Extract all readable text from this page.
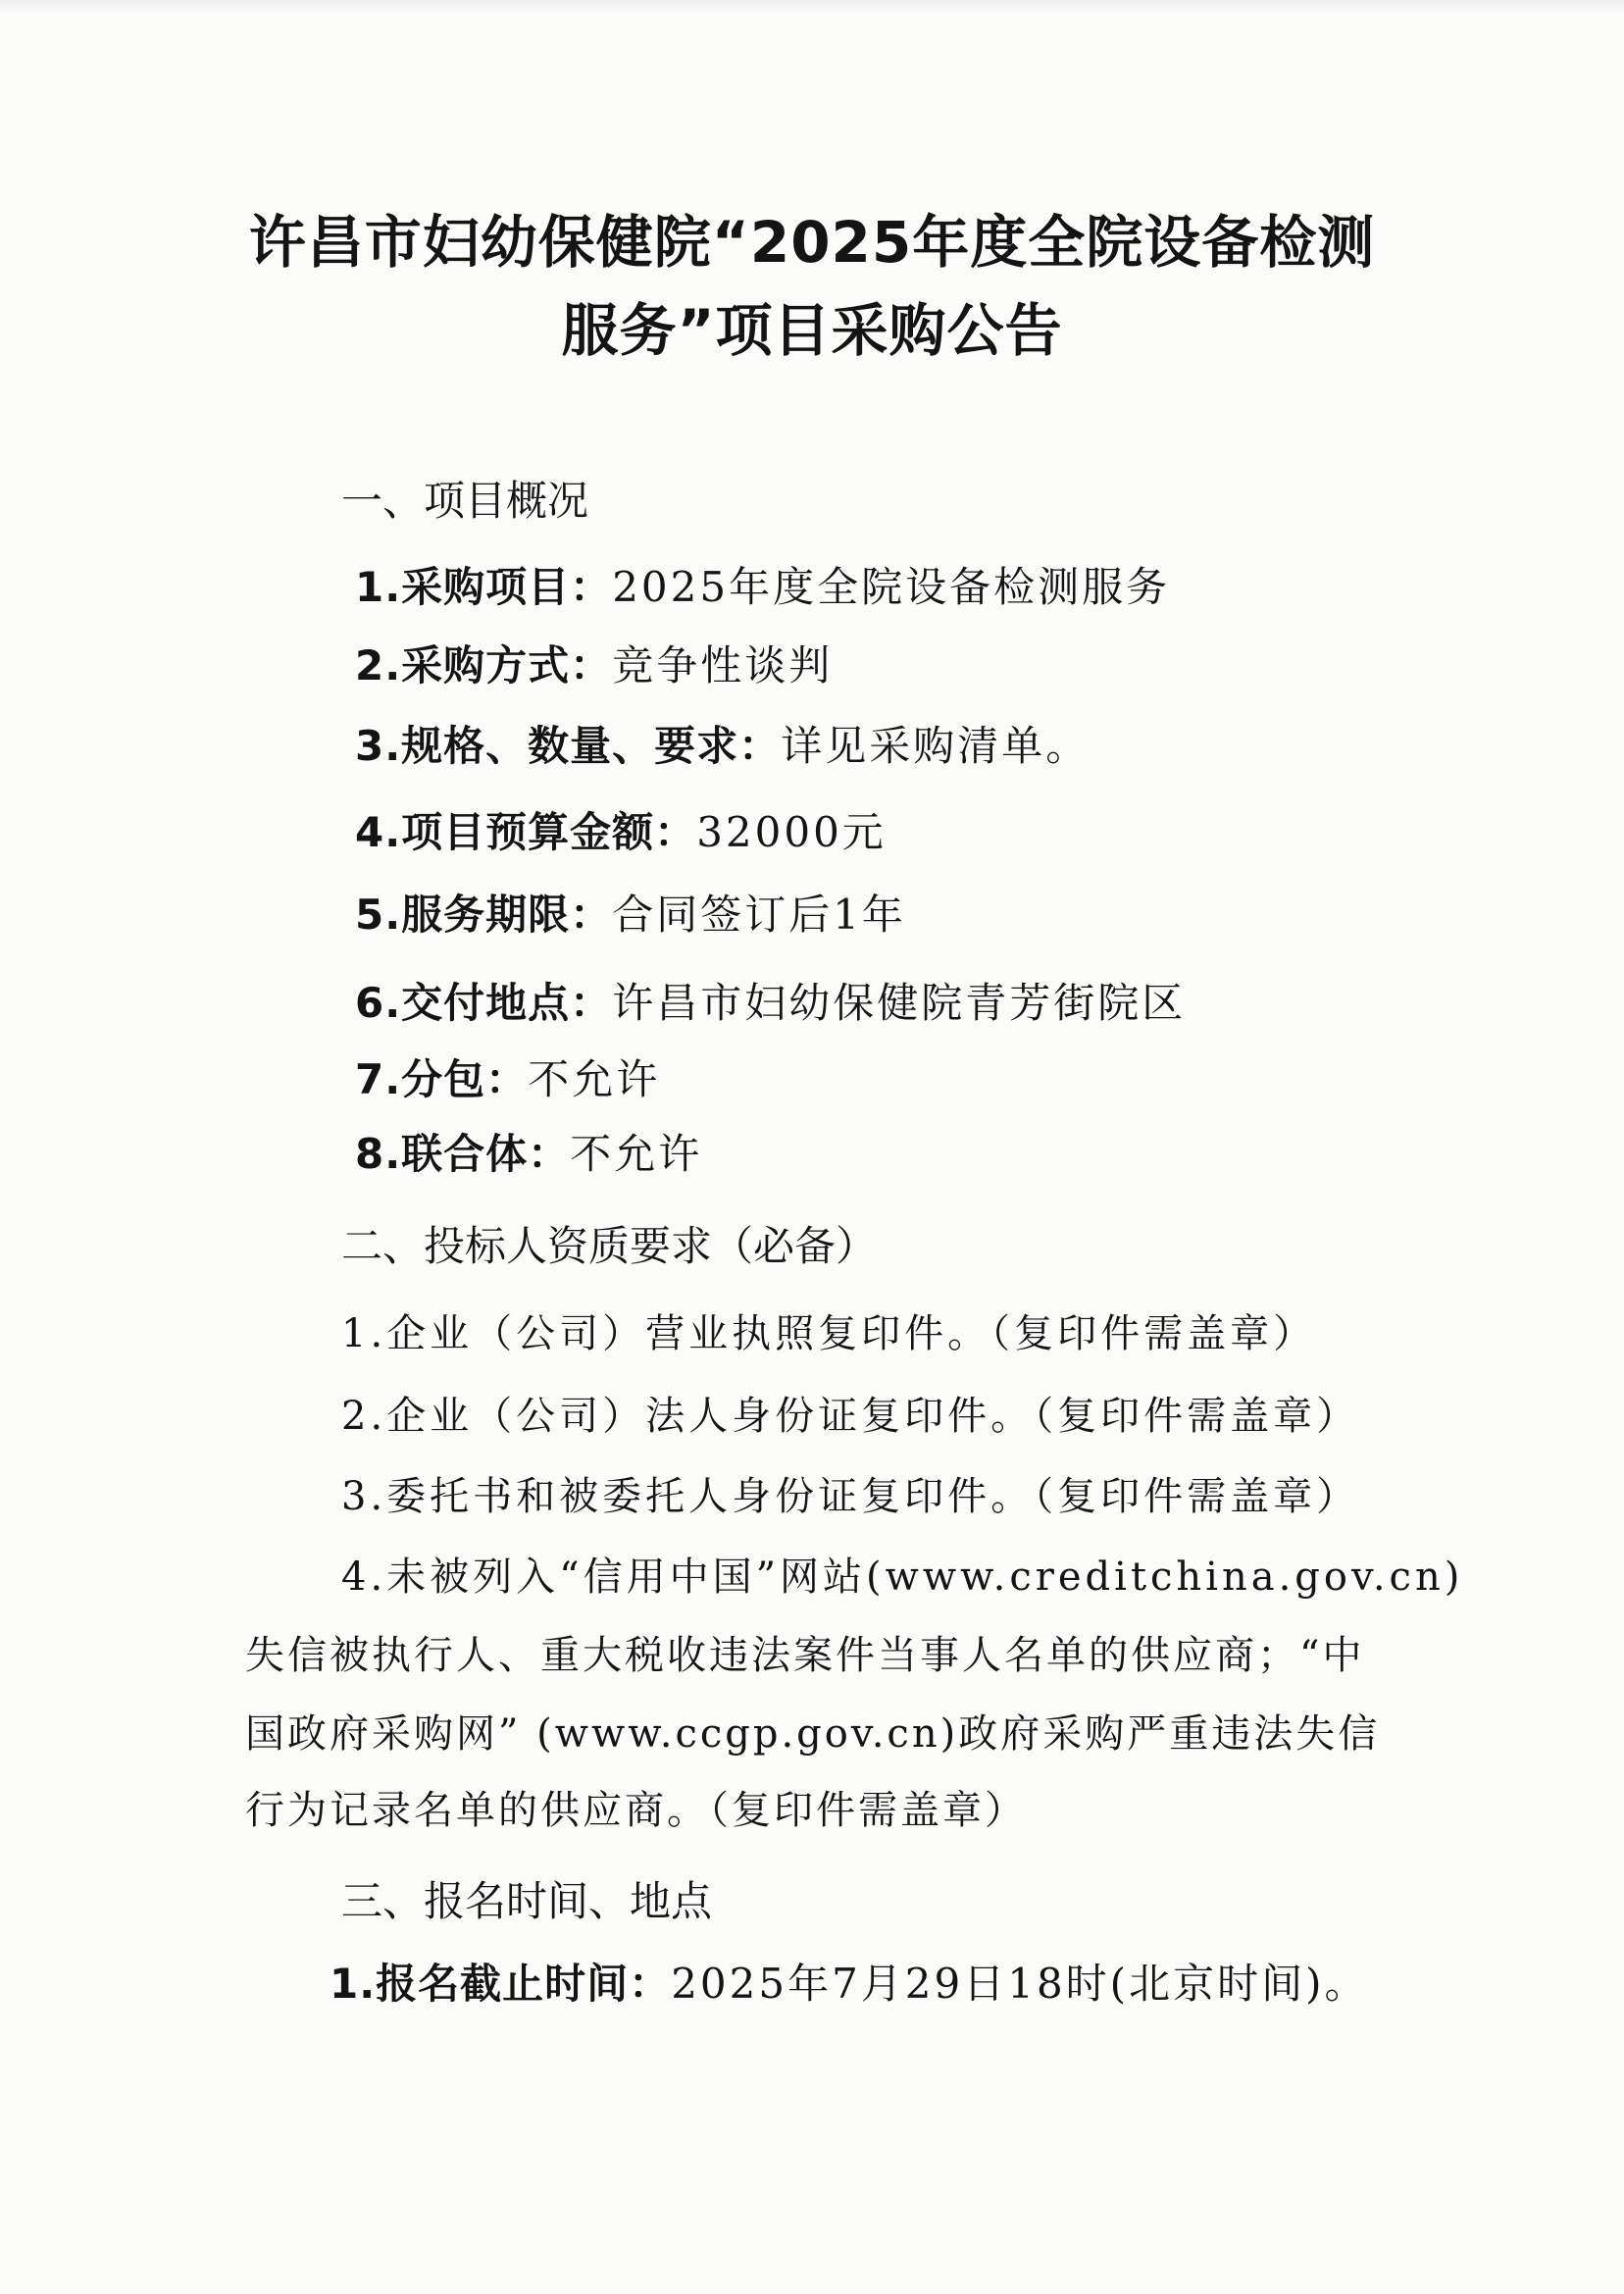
许昌市妇幼保健院“2025年度全院设备检测
服务”项目采购公告
一、项目概况
1.采购项目：2025年度全院设备检测服务
2.采购方式：竞争性谈判
3.规格、数量、要求：详见采购清单。
4.项目预算金额：32000元
5.服务期限：合同签订后1年
6.交付地点：许昌市妇幼保健院青芳街院区
7.分包：不允许
8.联合体：不允许
二、投标人资质要求（必备）
1.企业（公司）营业执照复印件。（复印件需盖章）
2.企业（公司）法人身份证复印件。（复印件需盖章）
3.委托书和被委托人身份证复印件。（复印件需盖章）
4.未被列入“信用中国”网站(www.creditchina.gov.cn)
失信被执行人、重大税收违法案件当事人名单的供应商；“中
国政府采购网” (www.ccgp.gov.cn)政府采购严重违法失信
行为记录名单的供应商。（复印件需盖章）
三、报名时间、地点
1.报名截止时间：2025年7月29日18时(北京时间)。
